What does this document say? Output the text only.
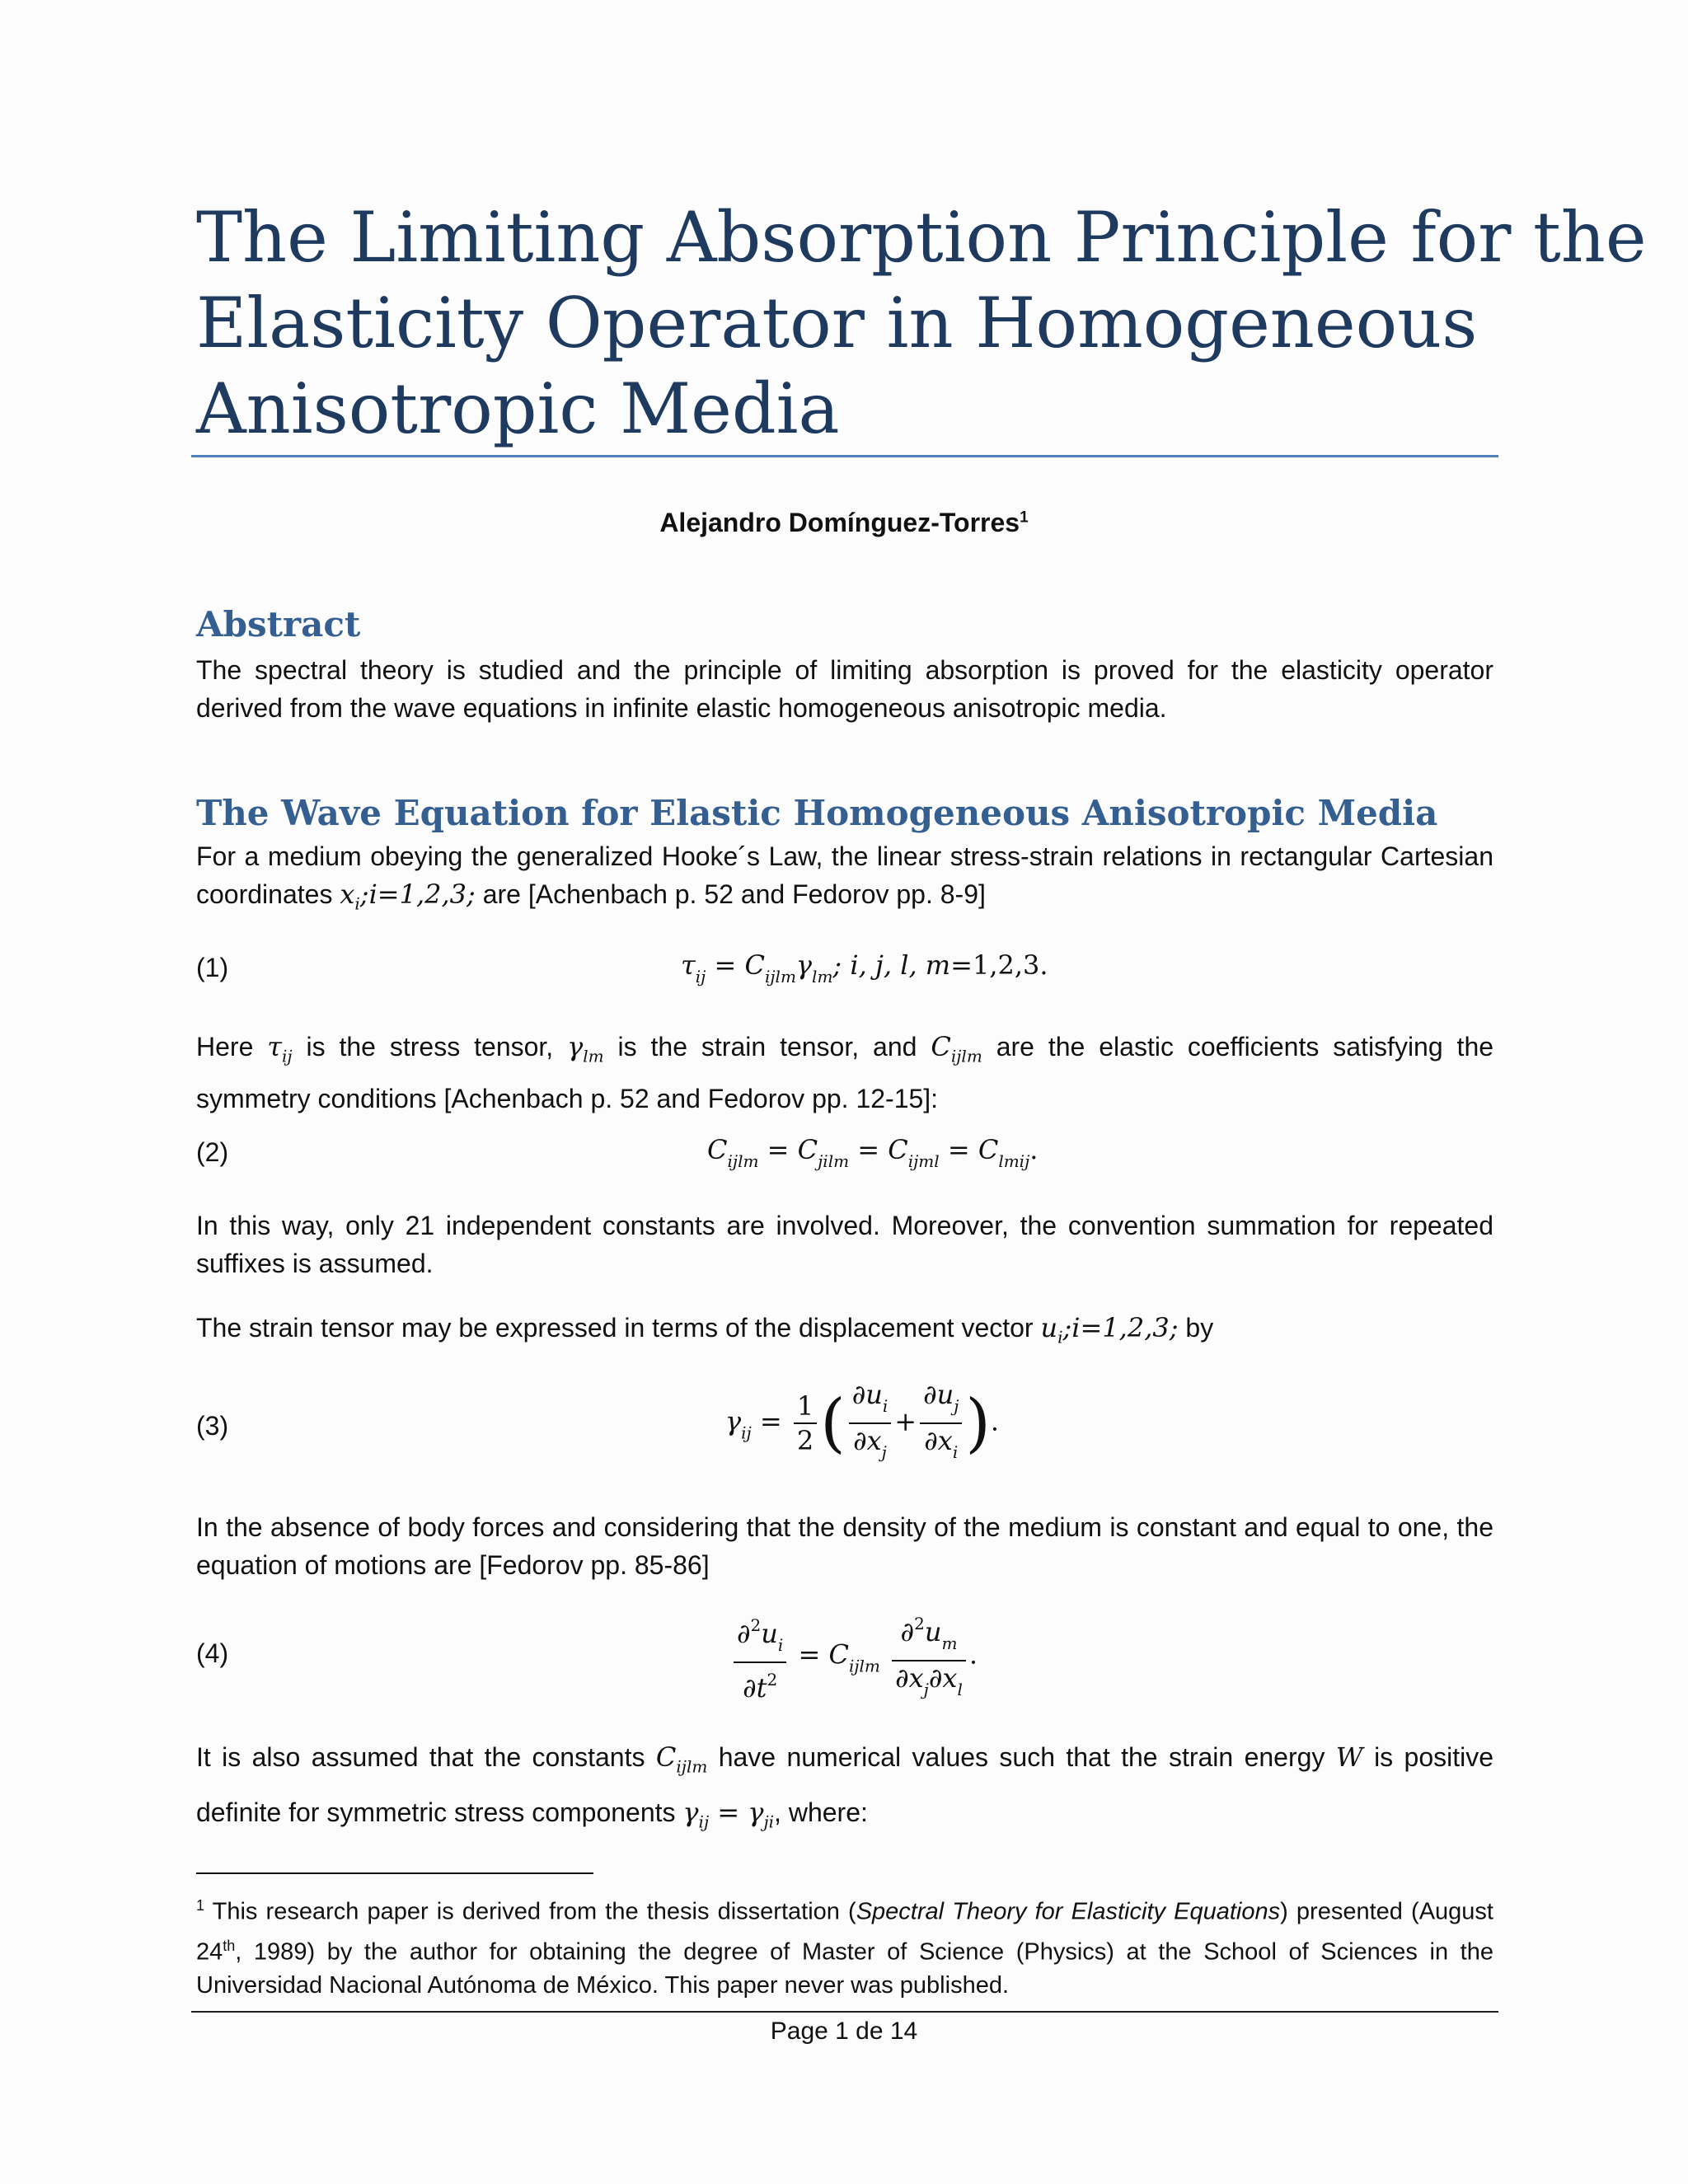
The Limiting Absorption Principle for the
Elasticity Operator in Homogeneous
Anisotropic Media
Alejandro Domínguez-Torres$^1$
Abstract
The spectral theory is studied and the principle of limiting absorption is proved for the elasticity operator derived from the wave equations in infinite elastic homogeneous anisotropic media.
The Wave Equation for Elastic Homogeneous Anisotropic Media
For a medium obeying the generalized Hooke´s Law, the linear stress-strain relations in rectangular Cartesian coordinates $x_i;i=1,2,3$; are [Achenbach p. 52 and Fedorov pp. 8-9]
(1)	$\tau_{ij} = C_{ijlm}\gamma_{lm}$; i, j, l, m=1,2,3.
Here $\tau_{ij}$ is the stress tensor, $\gamma_{lm}$ is the strain tensor, and $C_{ijlm}$ are the elastic coefficients satisfying the symmetry conditions [Achenbach p. 52 and Fedorov pp. 12-15]:
(2)	$C_{ijlm} = C_{jilm} = C_{ijml} = C_{lmij}$.
In this way, only 21 independent constants are involved. Moreover, the convention summation for repeated suffixes is assumed.
The strain tensor may be expressed in terms of the displacement vector $u_i;i=1,2,3$; by
(3)	$\gamma_{ij} = \frac{1}{2}$ ( $\frac{\partial u_i}{\partial x_j} + \frac{\partial u_j}{\partial x_i}$ ).
In the absence of body forces and considering that the density of the medium is constant and equal to one, the equation of motions are [Fedorov pp. 85-86]
(4)	$\frac{\partial^2u_i}{\partial t^2} = C_{ijlm} \frac{\partial^2u_m}{\partial x_j\partial x_l}$ .
It is also assumed that the constants $C_{ijlm}$ have numerical values such that the strain energy W is positive definite for symmetric stress components $\gamma_{ij} = \gamma_{ji}$, where:
$^1$ This research paper is derived from the thesis dissertation (Spectral Theory for Elasticity Equations) presented (August 24th, 1989) by the author for obtaining the degree of Master of Science (Physics) at the School of Sciences in the Universidad Nacional Autónoma de México. This paper never was published.
Page 1 de 14
